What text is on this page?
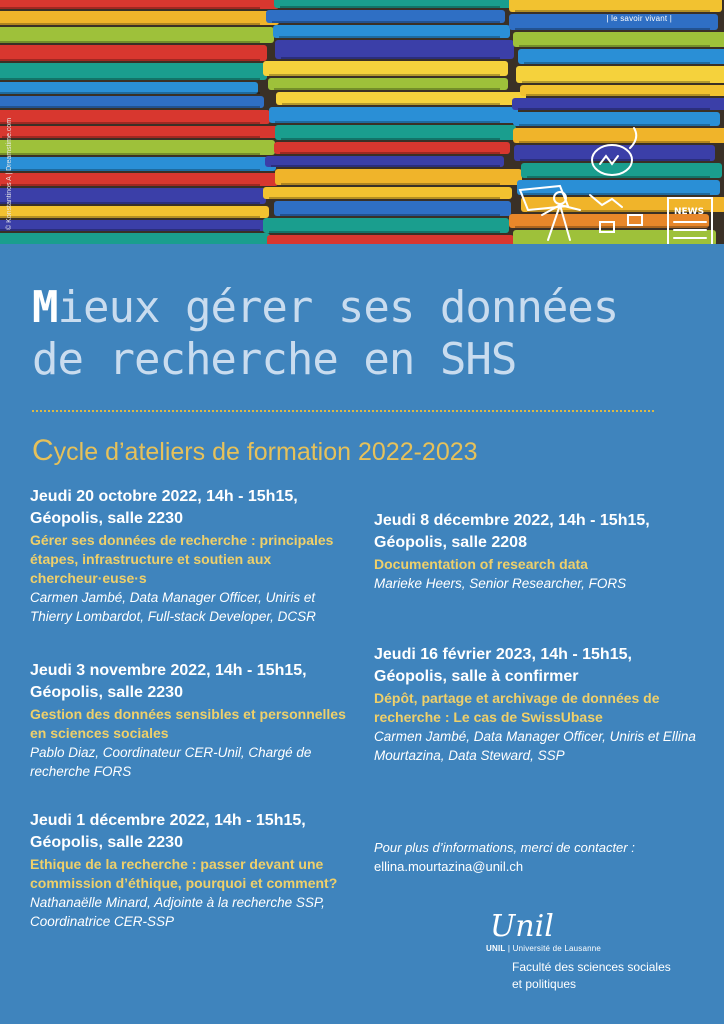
NEWS
| le savoir vivant |
© Konstantinos A | Dreamstime.com
Mieux gérer ses données
de recherche en SHS
Cycle d’ateliers de formation 2022-2023
Jeudi 20 octobre 2022, 14h - 15h15,
Géopolis, salle 2230
Gérer ses données de recherche : principales étapes, infrastructure et soutien aux chercheur·euse·s
Carmen Jambé, Data Manager Officer, Uniris et Thierry Lombardot, Full-stack Developer, DCSR
Jeudi 3 novembre 2022, 14h - 15h15,
Géopolis, salle 2230
Gestion des données sensibles et personnelles en sciences sociales
Pablo Diaz, Coordinateur CER-Unil, Chargé de recherche FORS
Jeudi 1 décembre 2022, 14h - 15h15,
Géopolis, salle 2230
Ethique de la recherche : passer devant une commission d’éthique, pourquoi et comment?
Nathanaëlle Minard, Adjointe à la recherche SSP, Coordinatrice CER-SSP
Jeudi 8 décembre 2022, 14h - 15h15,
Géopolis, salle 2208
Documentation of research data
Marieke Heers, Senior Researcher, FORS
Jeudi 16 février 2023, 14h - 15h15,
Géopolis, salle à confirmer
Dépôt, partage et archivage de données de recherche : Le cas de SwissUbase
Carmen Jambé, Data Manager Officer, Uniris et Ellina Mourtazina, Data Steward, SSP
Pour plus d’informations, merci de contacter :
ellina.mourtazina@unil.ch
Unil
UNIL | Université de Lausanne
Faculté des sciences sociales
et politiques
